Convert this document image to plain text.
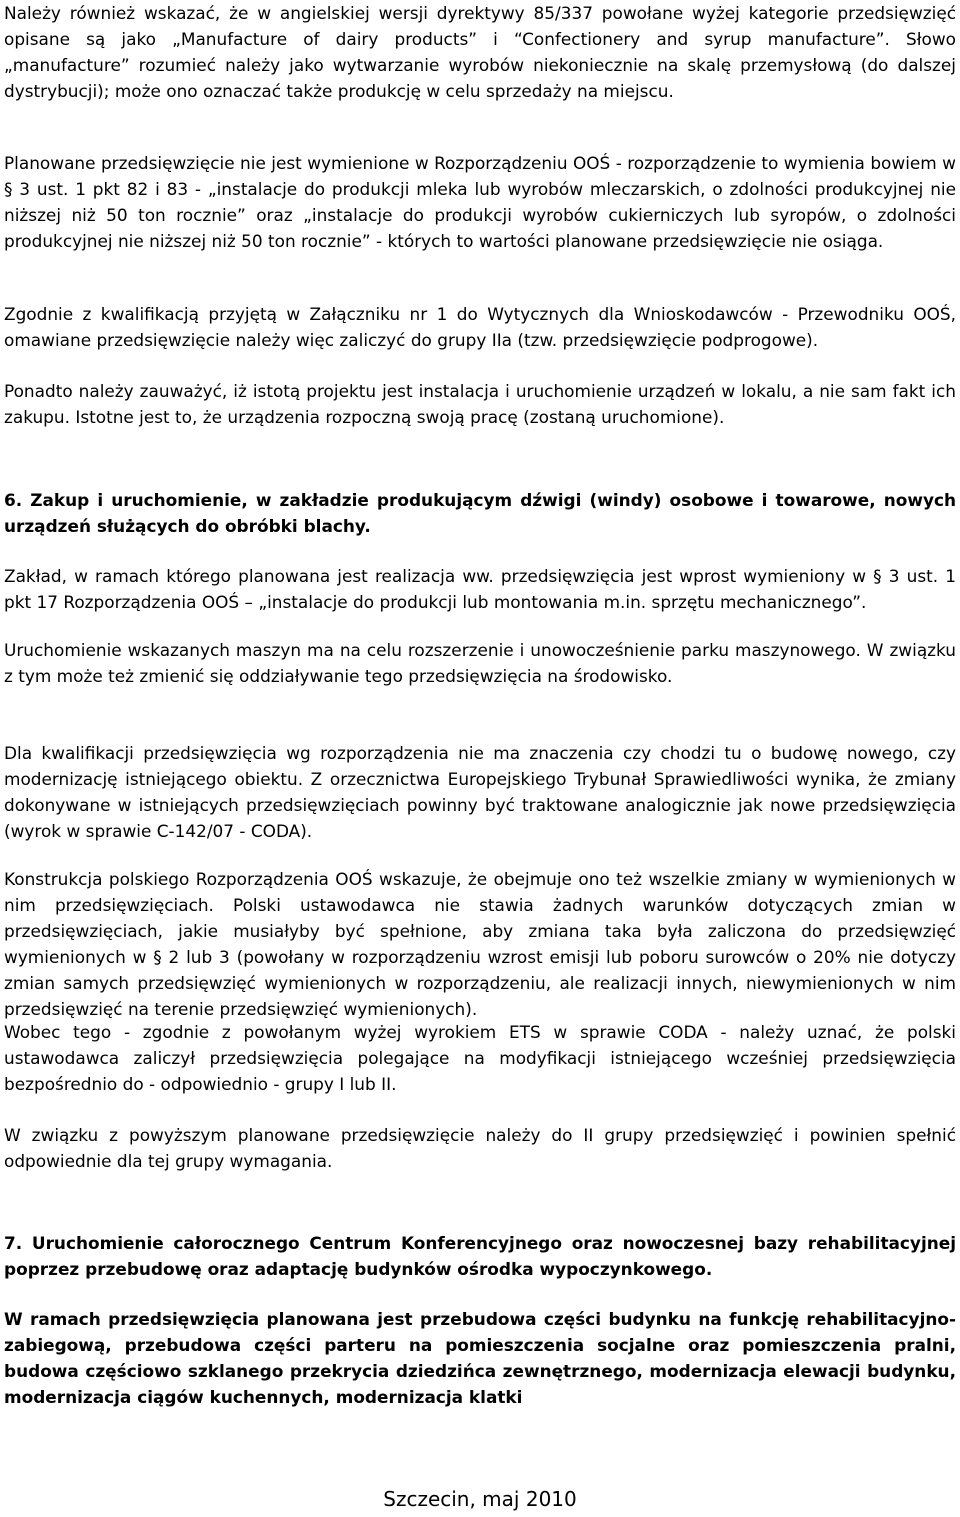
Należy również wskazać, że w angielskiej wersji dyrektywy 85/337 powołane wyżej kategorie przedsięwzięć opisane są jako „Manufacture of dairy products” i “Confectionery and syrup manufacture”. Słowo „manufacture” rozumieć należy jako wytwarzanie wyrobów niekoniecznie na skalę przemysłową (do dalszej dystrybucji); może ono oznaczać także produkcję w celu sprzedaży na miejscu.

Planowane przedsięwzięcie nie jest wymienione w Rozporządzeniu OOŚ - rozporządzenie to wymienia bowiem w § 3 ust. 1 pkt 82 i 83 - „instalacje do produkcji mleka lub wyrobów mleczarskich, o zdolności produkcyjnej nie niższej niż 50 ton rocznie” oraz „instalacje do produkcji wyrobów cukierniczych lub syropów, o zdolności produkcyjnej nie niższej niż 50 ton rocznie” - których to wartości planowane przedsięwzięcie nie osiąga.

Zgodnie z kwalifikacją przyjętą w Załączniku nr 1 do Wytycznych dla Wnioskodawców - Przewodniku OOŚ, omawiane przedsięwzięcie należy więc zaliczyć do grupy IIa (tzw. przedsięwzięcie podprogowe).

Ponadto należy zauważyć, iż istotą projektu jest instalacja i uruchomienie urządzeń w lokalu, a nie sam fakt ich zakupu. Istotne jest to, że urządzenia rozpoczną swoją pracę (zostaną uruchomione).

6. Zakup i uruchomienie, w zakładzie produkującym dźwigi (windy) osobowe i towarowe, nowych urządzeń służących do obróbki blachy.

Zakład, w ramach którego planowana jest realizacja ww. przedsięwzięcia jest wprost wymieniony w § 3 ust. 1 pkt 17 Rozporządzenia OOŚ – „instalacje do produkcji lub montowania m.in. sprzętu mechanicznego”.

Uruchomienie wskazanych maszyn ma na celu rozszerzenie i unowocześnienie parku maszynowego. W związku z tym może też zmienić się oddziaływanie tego przedsięwzięcia na środowisko.

Dla kwalifikacji przedsięwzięcia wg rozporządzenia nie ma znaczenia czy chodzi tu o budowę nowego, czy modernizację istniejącego obiektu. Z orzecznictwa Europejskiego Trybunał Sprawiedliwości wynika, że zmiany dokonywane w istniejących przedsięwzięciach powinny być traktowane analogicznie jak nowe przedsięwzięcia (wyrok w sprawie C-142/07 - CODA).

Konstrukcja polskiego Rozporządzenia OOŚ wskazuje, że obejmuje ono też wszelkie zmiany w wymienionych w nim przedsięwzięciach. Polski ustawodawca nie stawia żadnych warunków dotyczących zmian w przedsięwzięciach, jakie musiałyby być spełnione, aby zmiana taka była zaliczona do przedsięwzięć wymienionych w § 2 lub 3 (powołany w rozporządzeniu wzrost emisji lub poboru surowców o 20% nie dotyczy zmian samych przedsięwzięć wymienionych w rozporządzeniu, ale realizacji innych, niewymienionych w nim przedsięwzięć na terenie przedsięwzięć wymienionych).

Wobec tego - zgodnie z powołanym wyżej wyrokiem ETS w sprawie CODA - należy uznać, że polski ustawodawca zaliczył przedsięwzięcia polegające na modyfikacji istniejącego wcześniej przedsięwzięcia bezpośrednio do - odpowiednio - grupy I lub II.

W związku z powyższym planowane przedsięwzięcie należy do II grupy przedsięwzięć i powinien spełnić odpowiednie dla tej grupy wymagania.

7. Uruchomienie całorocznego Centrum Konferencyjnego oraz nowoczesnej bazy rehabilitacyjnej poprzez przebudowę oraz adaptację budynków ośrodka wypoczynkowego.

W ramach przedsięwzięcia planowana jest przebudowa części budynku na funkcję rehabilitacyjno-zabiegową, przebudowa części parteru na pomieszczenia socjalne oraz pomieszczenia pralni, budowa częściowo szklanego przekrycia dziedzińca zewnętrznego, modernizacja elewacji budynku, modernizacja ciągów kuchennych, modernizacja klatki

Szczecin, maj 2010
